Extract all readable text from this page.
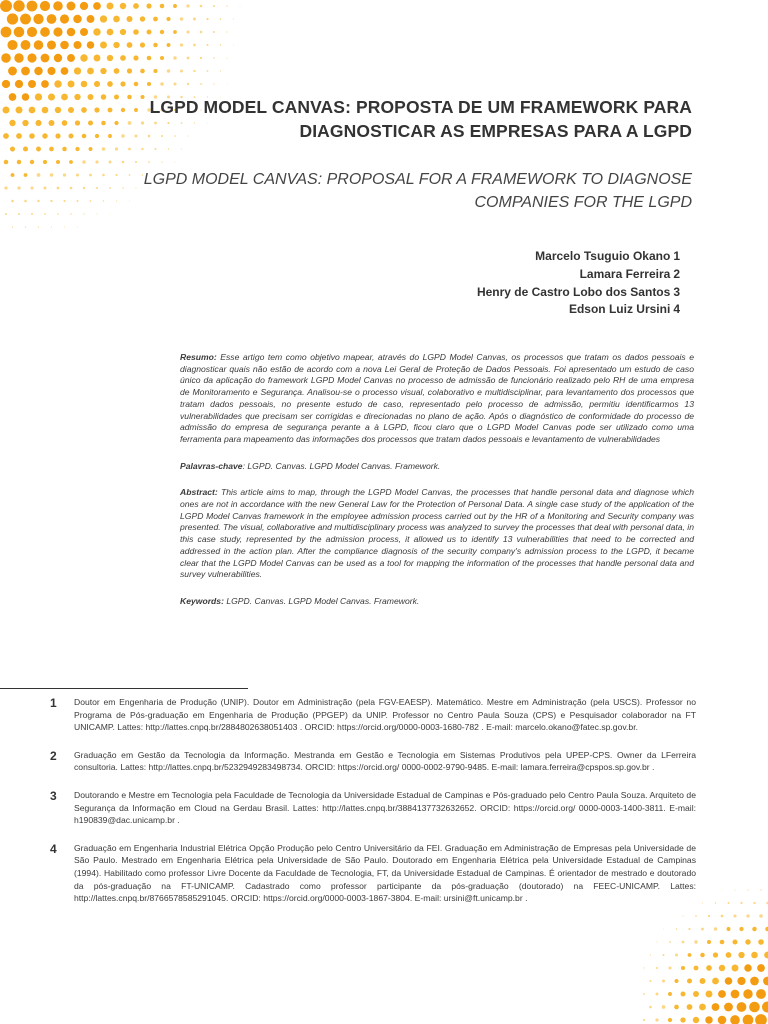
LGPD MODEL CANVAS: PROPOSTA DE UM FRAMEWORK PARA DIAGNOSTICAR AS EMPRESAS PARA A LGPD
LGPD MODEL CANVAS: PROPOSAL FOR A FRAMEWORK TO DIAGNOSE COMPANIES FOR THE LGPD
Marcelo Tsuguio Okano 1
Lamara Ferreira 2
Henry de Castro Lobo dos Santos 3
Edson Luiz Ursini 4

Resumo: Esse artigo tem como objetivo mapear, através do LGPD Model Canvas, os processos que tratam os dados pessoais e diagnosticar quais não estão de acordo com a nova Lei Geral de Proteção de Dados Pessoais. Foi apresentado um estudo de caso único da aplicação do framework LGPD Model Canvas no processo de admissão de funcionário realizado pelo RH de uma empresa de Monitoramento e Segurança. Analisou-se o processo visual, colaborativo e multidisciplinar, para levantamento dos processos que tratam dados pessoais, no presente estudo de caso, representado pelo processo de admissão, permitiu identificarmos 13 vulnerabilidades que precisam ser corrigidas e direcionadas no plano de ação. Após o diagnóstico de conformidade do processo de admissão do empresa de segurança perante a à LGPD, ficou claro que o LGPD Model Canvas pode ser utilizado como uma ferramenta para mapeamento das informações dos processos que tratam dados pessoais e levantamento de vulnerabilidades

Palavras-chave: LGPD. Canvas. LGPD Model Canvas. Framework.

Abstract: This article aims to map, through the LGPD Model Canvas, the processes that handle personal data and diagnose which ones are not in accordance with the new General Law for the Protection of Personal Data. A single case study of the application of the LGPD Model Canvas framework in the employee admission process carried out by the HR of a Monitoring and Security company was presented. The visual, collaborative and multidisciplinary process was analyzed to survey the processes that deal with personal data, in this case study, represented by the admission process, it allowed us to identify 13 vulnerabilities that need to be corrected and addressed in the action plan. After the compliance diagnosis of the security company's admission process to the LGPD, it became clear that the LGPD Model Canvas can be used as a tool for mapping the information of the processes that handle personal data and survey vulnerabilities.

Keywords: LGPD. Canvas. LGPD Model Canvas. Framework.

1	Doutor em Engenharia de Produção (UNIP). Doutor em Administração (pela FGV-EAESP). Matemático. Mestre em Administração (pela USCS). Professor no Programa de Pós-graduação em Engenharia de Produção (PPGEP) da UNIP. Professor no Centro Paula Souza (CPS) e Pesquisador colaborador na FT UNICAMP. Lattes: http://lattes.cnpq.br/2884802638051403 . ORCID: https://orcid.org/0000-0003-1680-782 . E-mail: marcelo.okano@fatec.sp.gov.br.
2	Graduação em Gestão da Tecnologia da Informação. Mestranda em Gestão e Tecnologia em Sistemas Produtivos pela UPEP-CPS. Owner da LFerreira consultoria. Lattes: http://lattes.cnpq.br/5232949283498734. ORCID: https://orcid.org/ 0000-0002-9790-9485. E-mail: lamara.ferreira@cpspos.sp.gov.br .
3	Doutorando e Mestre em Tecnologia pela Faculdade de Tecnologia da Universidade Estadual de Campinas e Pós-graduado pelo Centro Paula Souza. Arquiteto de Segurança da Informação em Cloud na Gerdau Brasil. Lattes: http://lattes.cnpq.br/3884137732632652. ORCID: https://orcid.org/ 0000-0003-1400-3811. E-mail: h190839@dac.unicamp.br .
4	Graduação em Engenharia Industrial Elétrica Opção Produção pelo Centro Universitário da FEI. Graduação em Administração de Empresas pela Universidade de São Paulo. Mestrado em Engenharia Elétrica pela Universidade de São Paulo. Doutorado em Engenharia Elétrica pela Universidade Estadual de Campinas (1994). Habilitado como professor Livre Docente da Faculdade de Tecnologia, FT, da Universidade Estadual de Campinas. É orientador de mestrado e doutorado da pós-graduação na FT-UNICAMP. Cadastrado como professor participante da pós-graduação (doutorado) na FEEC-UNICAMP. Lattes: http://lattes.cnpq.br/8766578585291045. ORCID: https://orcid.org/0000-0003-1867-3804. E-mail: ursini@ft.unicamp.br .
